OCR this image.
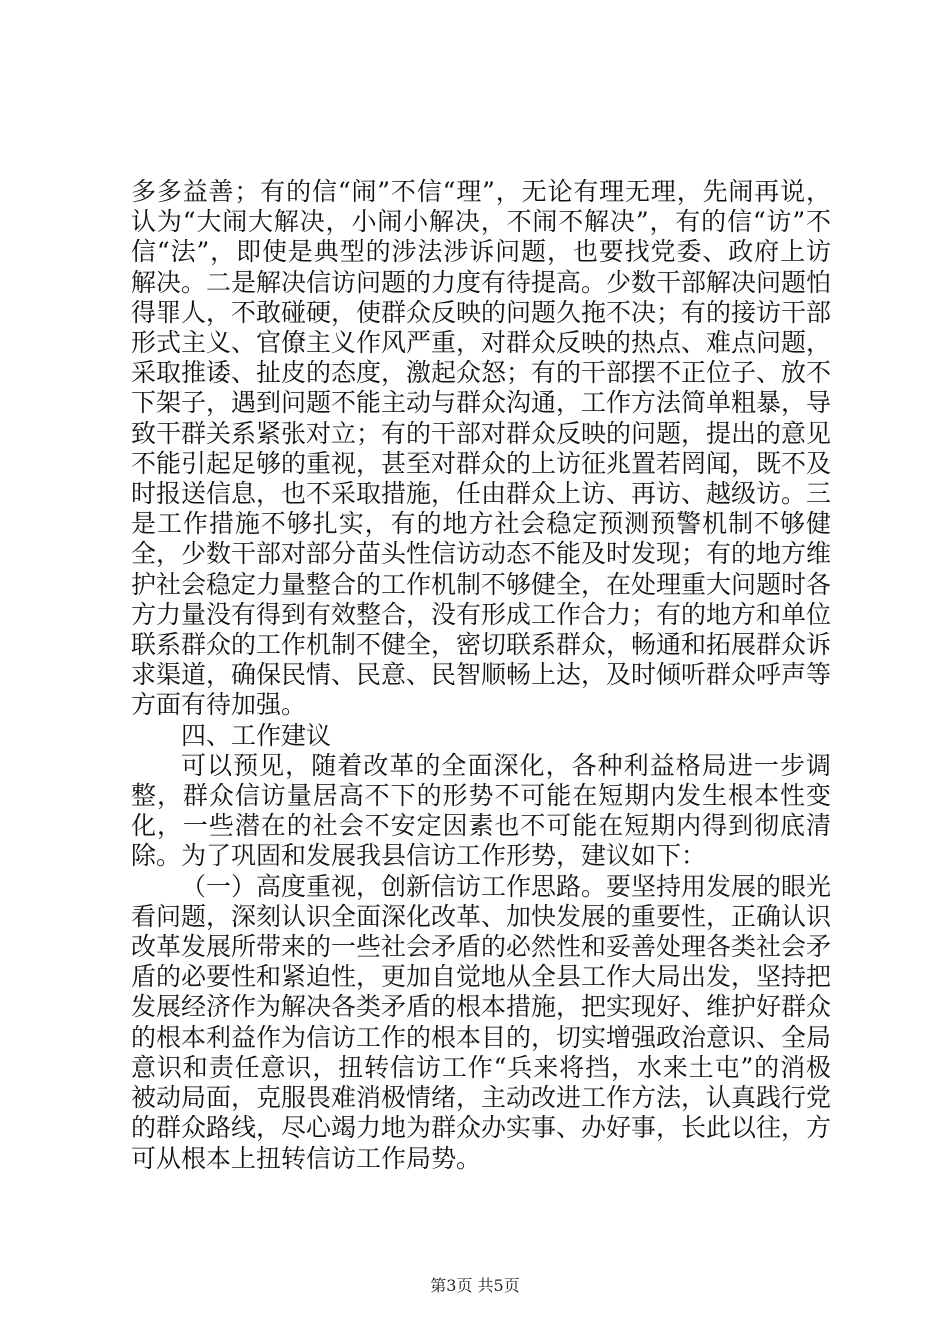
多多益善；有的信“闹”不信“理”，无论有理无理，先闹再说，认为“大闹大解决，小闹小解决，不闹不解决”，有的信“访”不信“法”，即使是典型的涉法涉诉问题，也要找党委、政府上访解决。二是解决信访问题的力度有待提高。少数干部解决问题怕得罪人，不敢碰硬，使群众反映的问题久拖不决；有的接访干部形式主义、官僚主义作风严重，对群众反映的热点、难点问题，采取推诿、扯皮的态度，激起众怒；有的干部摆不正位子、放不下架子，遇到问题不能主动与群众沟通，工作方法简单粗暴，导致干群关系紧张对立；有的干部对群众反映的问题，提出的意见不能引起足够的重视，甚至对群众的上访征兆置若罔闻，既不及时报送信息，也不采取措施，任由群众上访、再访、越级访。三是工作措施不够扎实，有的地方社会稳定预测预警机制不够健全，少数干部对部分苗头性信访动态不能及时发现；有的地方维护社会稳定力量整合的工作机制不够健全，在处理重大问题时各方力量没有得到有效整合，没有形成工作合力；有的地方和单位联系群众的工作机制不健全，密切联系群众，畅通和拓展群众诉求渠道，确保民情、民意、民智顺畅上达，及时倾听群众呼声等方面有待加强。

四、工作建议

可以预见，随着改革的全面深化，各种利益格局进一步调整，群众信访量居高不下的形势不可能在短期内发生根本性变化，一些潜在的社会不安定因素也不可能在短期内得到彻底清除。为了巩固和发展我县信访工作形势，建议如下：

（一）高度重视，创新信访工作思路。要坚持用发展的眼光看问题，深刻认识全面深化改革、加快发展的重要性，正确认识改革发展所带来的一些社会矛盾的必然性和妥善处理各类社会矛盾的必要性和紧迫性，更加自觉地从全县工作大局出发，坚持把发展经济作为解决各类矛盾的根本措施，把实现好、维护好群众的根本利益作为信访工作的根本目的，切实增强政治意识、全局意识和责任意识，扭转信访工作“兵来将挡，水来土屯”的消极被动局面，克服畏难消极情绪，主动改进工作方法，认真践行党的群众路线，尽心竭力地为群众办实事、办好事，长此以往，方可从根本上扭转信访工作局势。

第3页 共5页
